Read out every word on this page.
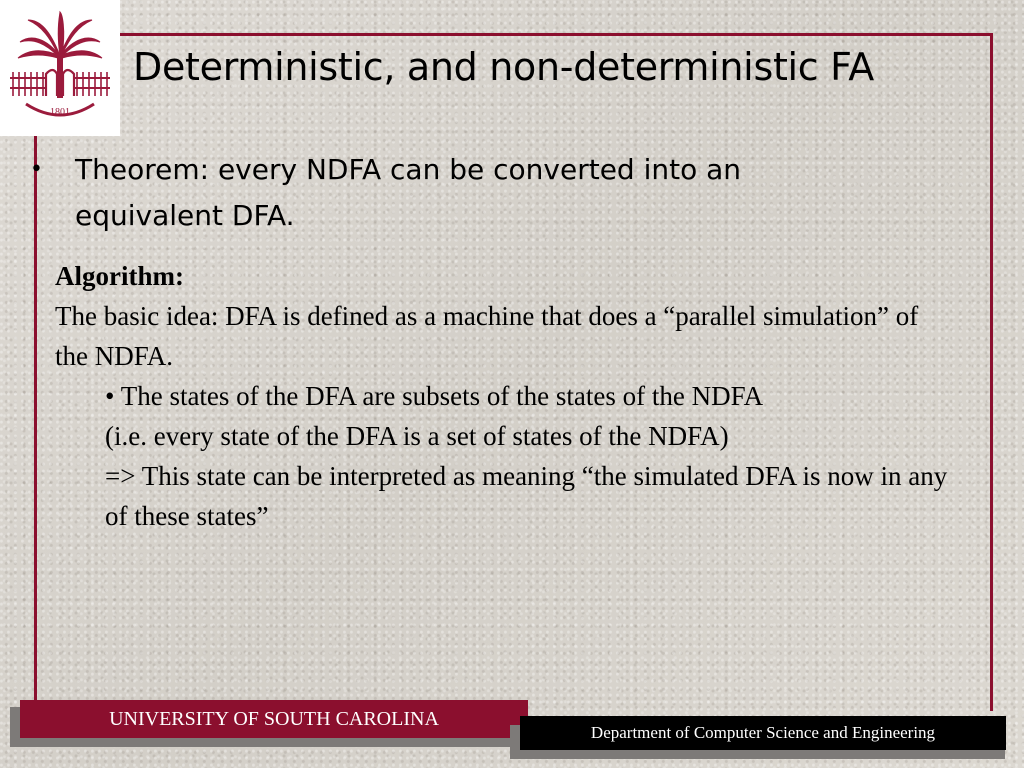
1801
Deterministic, and non-deterministic FA
• Theorem: every NDFA can be converted into an equivalent DFA.
Algorithm:
The basic idea: DFA is defined as a machine that does a “parallel simulation” of the NDFA.
• The states of the DFA are subsets of the states of the NDFA
(i.e. every state of the DFA is a set of states of the NDFA)
=> This state can be interpreted as meaning “the simulated DFA is now in any of these states”
UNIVERSITY OF SOUTH CAROLINA
Department of Computer Science and Engineering
